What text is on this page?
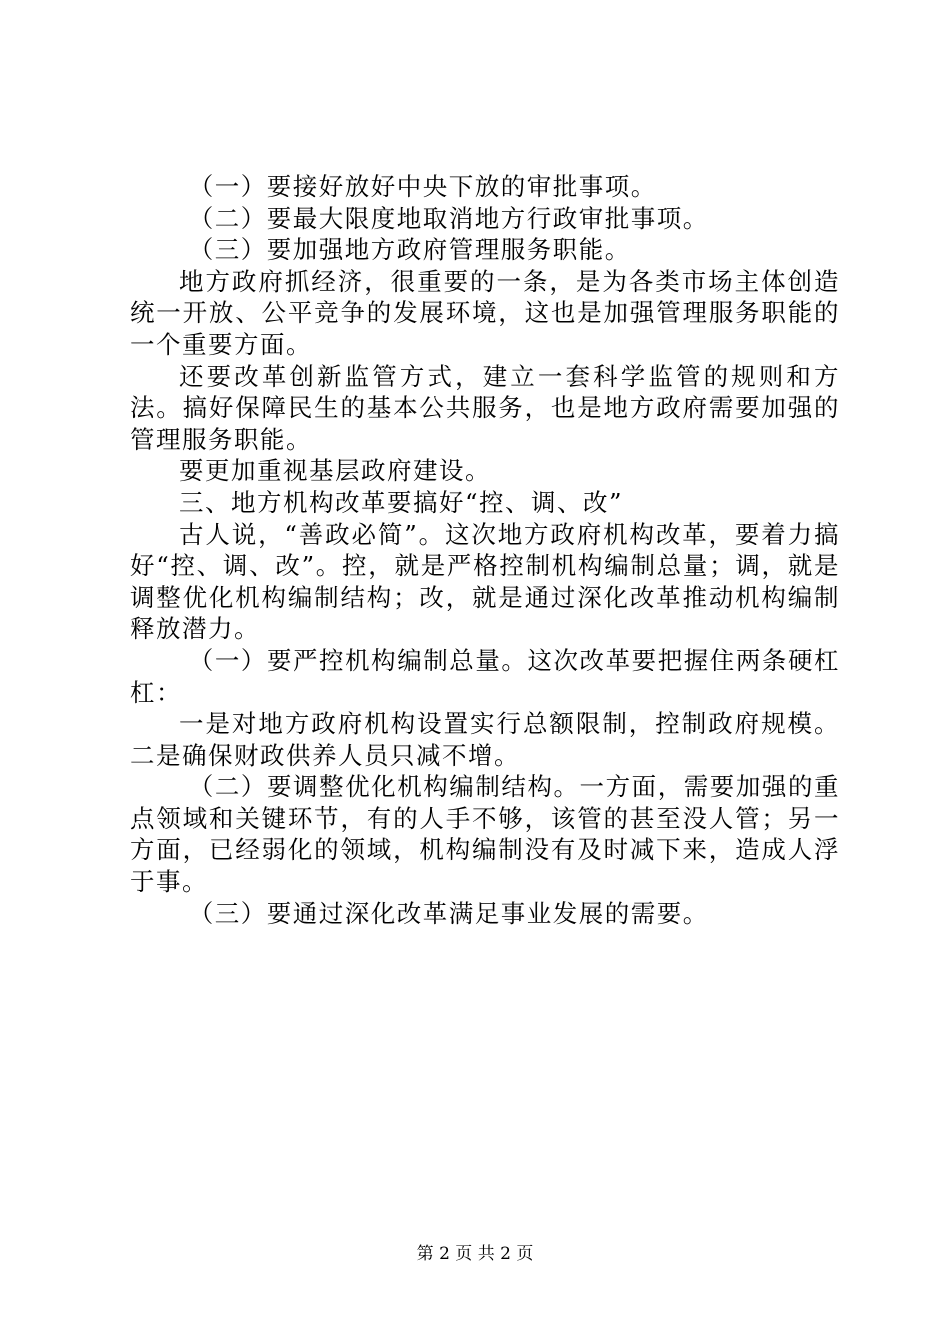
（一）要接好放好中央下放的审批事项。

（二）要最大限度地取消地方行政审批事项。

（三）要加强地方政府管理服务职能。

地方政府抓经济，很重要的一条，是为各类市场主体创造统一开放、公平竞争的发展环境，这也是加强管理服务职能的一个重要方面。

还要改革创新监管方式，建立一套科学监管的规则和方法。搞好保障民生的基本公共服务，也是地方政府需要加强的管理服务职能。

要更加重视基层政府建设。

三、地方机构改革要搞好“控、调、改”

古人说，“善政必简”。这次地方政府机构改革，要着力搞好“控、调、改”。控，就是严格控制机构编制总量；调，就是调整优化机构编制结构；改，就是通过深化改革推动机构编制释放潜力。

（一）要严控机构编制总量。这次改革要把握住两条硬杠杠：

一是对地方政府机构设置实行总额限制，控制政府规模。二是确保财政供养人员只减不增。

（二）要调整优化机构编制结构。一方面，需要加强的重点领域和关键环节，有的人手不够，该管的甚至没人管；另一方面，已经弱化的领域，机构编制没有及时减下来，造成人浮于事。

（三）要通过深化改革满足事业发展的需要。

第 2 页 共 2 页
